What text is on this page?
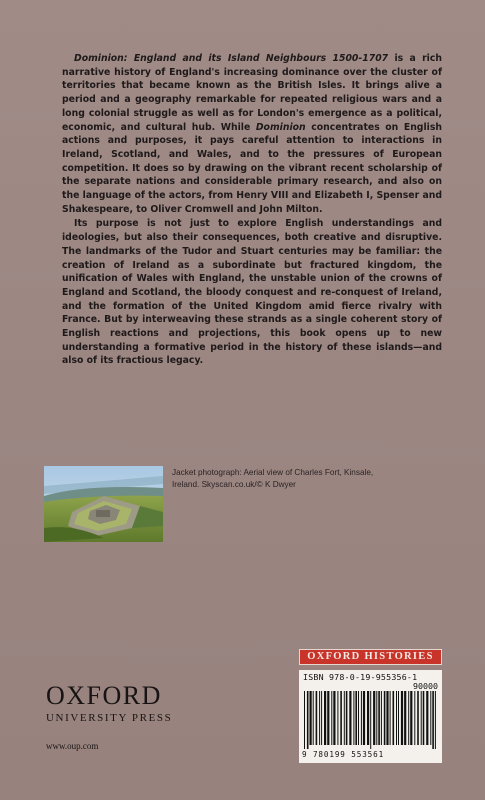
Dominion: England and its Island Neighbours 1500-1707 is a rich narrative history of England's increasing dominance over the cluster of territories that became known as the British Isles. It brings alive a period and a geography remarkable for repeated religious wars and a long colonial struggle as well as for London's emergence as a political, economic, and cultural hub. While Dominion concentrates on English actions and purposes, it pays careful attention to interactions in Ireland, Scotland, and Wales, and to the pressures of European competition. It does so by drawing on the vibrant recent scholarship of the separate nations and considerable primary research, and also on the language of the actors, from Henry VIII and Elizabeth I, Spenser and Shakespeare, to Oliver Cromwell and John Milton.

Its purpose is not just to explore English understandings and ideologies, but also their consequences, both creative and disruptive. The landmarks of the Tudor and Stuart centuries may be familiar: the creation of Ireland as a subordinate but fractured kingdom, the unification of Wales with England, the unstable union of the crowns of England and Scotland, the bloody conquest and re-conquest of Ireland, and the formation of the United Kingdom amid fierce rivalry with France. But by interweaving these strands as a single coherent story of English reactions and projections, this book opens up to new understanding a formative period in the history of these islands—and also of its fractious legacy.

Jacket photograph: Aerial view of Charles Fort, Kinsale, Ireland. Skyscan.co.uk/© K Dwyer
OXFORD HISTORIES
ISBN 978-0-19-955356-1
90000
9 780199 553561
OXFORD
UNIVERSITY PRESS
www.oup.com
